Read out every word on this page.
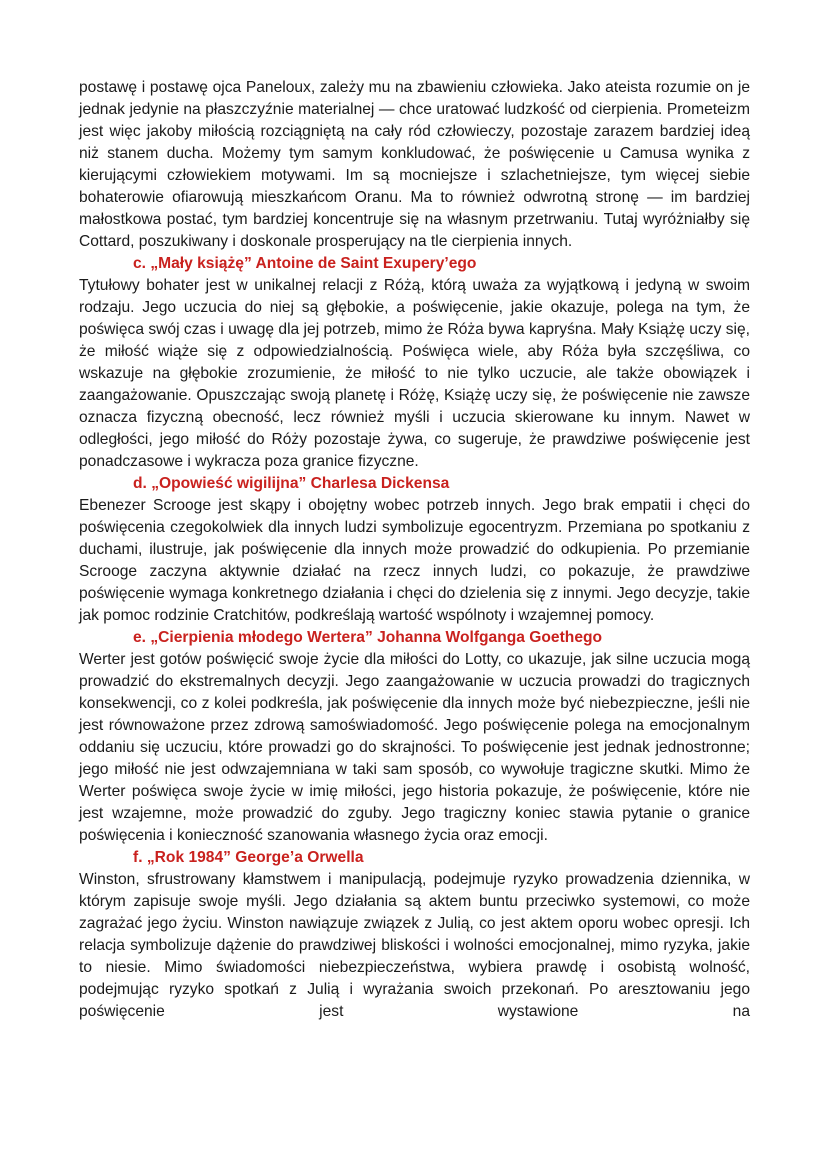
postawę i postawę ojca Paneloux, zależy mu na zbawieniu człowieka. Jako ateista rozumie on je jednak jedynie na płaszczyźnie materialnej — chce uratować ludzkość od cierpienia. Prometeizm jest więc jakoby miłością rozciągniętą na cały ród człowieczy, pozostaje zarazem bardziej ideą niż stanem ducha. Możemy tym samym konkludować, że poświęcenie u Camusa wynika z kierującymi człowiekiem motywami. Im są mocniejsze i szlachetniejsze, tym więcej siebie bohaterowie ofiarowują mieszkańcom Oranu. Ma to również odwrotną stronę — im bardziej małostkowa postać, tym bardziej koncentruje się na własnym przetrwaniu. Tutaj wyróżniałby się Cottard, poszukiwany i doskonale prosperujący na tle cierpienia innych.

c. „Mały książę” Antoine de Saint Exupery’ego

Tytułowy bohater jest w unikalnej relacji z Różą, którą uważa za wyjątkową i jedyną w swoim rodzaju. Jego uczucia do niej są głębokie, a poświęcenie, jakie okazuje, polega na tym, że poświęca swój czas i uwagę dla jej potrzeb, mimo że Róża bywa kapryśna. Mały Książę uczy się, że miłość wiąże się z odpowiedzialnością. Poświęca wiele, aby Róża była szczęśliwa, co wskazuje na głębokie zrozumienie, że miłość to nie tylko uczucie, ale także obowiązek i zaangażowanie. Opuszczając swoją planetę i Różę, Książę uczy się, że poświęcenie nie zawsze oznacza fizyczną obecność, lecz również myśli i uczucia skierowane ku innym. Nawet w odległości, jego miłość do Róży pozostaje żywa, co sugeruje, że prawdziwe poświęcenie jest ponadczasowe i wykracza poza granice fizyczne.

d. „Opowieść wigilijna” Charlesa Dickensa

Ebenezer Scrooge jest skąpy i obojętny wobec potrzeb innych. Jego brak empatii i chęci do poświęcenia czegokolwiek dla innych ludzi symbolizuje egocentryzm. Przemiana po spotkaniu z duchami, ilustruje, jak poświęcenie dla innych może prowadzić do odkupienia. Po przemianie Scrooge zaczyna aktywnie działać na rzecz innych ludzi, co pokazuje, że prawdziwe poświęcenie wymaga konkretnego działania i chęci do dzielenia się z innymi. Jego decyzje, takie jak pomoc rodzinie Cratchitów, podkreślają wartość wspólnoty i wzajemnej pomocy.

e. „Cierpienia młodego Wertera” Johanna Wolfganga Goethego

Werter jest gotów poświęcić swoje życie dla miłości do Lotty, co ukazuje, jak silne uczucia mogą prowadzić do ekstremalnych decyzji. Jego zaangażowanie w uczucia prowadzi do tragicznych konsekwencji, co z kolei podkreśla, jak poświęcenie dla innych może być niebezpieczne, jeśli nie jest równoważone przez zdrową samoświadomość. Jego poświęcenie polega na emocjonalnym oddaniu się uczuciu, które prowadzi go do skrajności. To poświęcenie jest jednak jednostronne; jego miłość nie jest odwzajemniana w taki sam sposób, co wywołuje tragiczne skutki. Mimo że Werter poświęca swoje życie w imię miłości, jego historia pokazuje, że poświęcenie, które nie jest wzajemne, może prowadzić do zguby. Jego tragiczny koniec stawia pytanie o granice poświęcenia i konieczność szanowania własnego życia oraz emocji.

f. „Rok 1984” George’a Orwella

Winston, sfrustrowany kłamstwem i manipulacją, podejmuje ryzyko prowadzenia dziennika, w którym zapisuje swoje myśli. Jego działania są aktem buntu przeciwko systemowi, co może zagrażać jego życiu. Winston nawiązuje związek z Julią, co jest aktem oporu wobec opresji. Ich relacja symbolizuje dążenie do prawdziwej bliskości i wolności emocjonalnej, mimo ryzyka, jakie to niesie. Mimo świadomości niebezpieczeństwa, wybiera prawdę i osobistą wolność, podejmując ryzyko spotkań z Julią i wyrażania swoich przekonań. Po aresztowaniu jego poświęcenie jest wystawione na
